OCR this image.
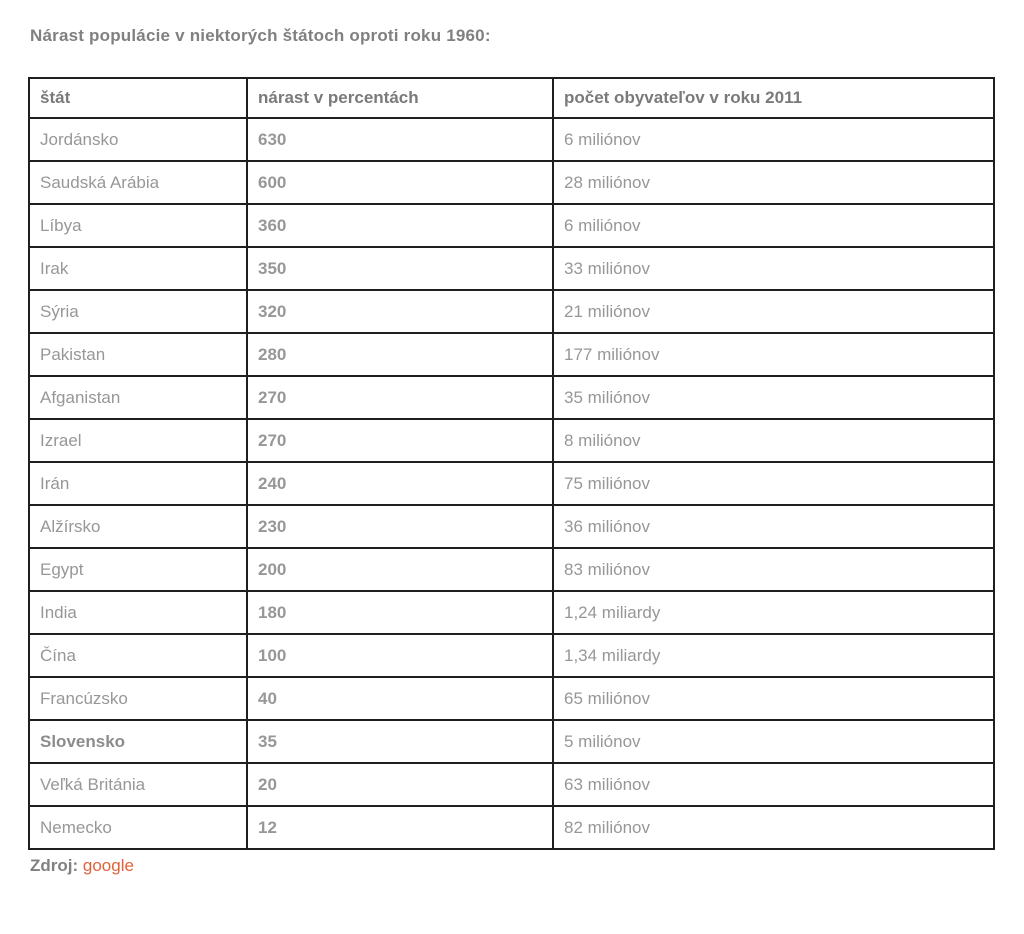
Nárast populácie v niektorých štátoch oproti roku 1960:
štát	nárast v percentách	počet obyvateľov v roku 2011
Jordánsko	630	6 miliónov
Saudská Arábia	600	28 miliónov
Líbya	360	6 miliónov
Irak	350	33 miliónov
Sýria	320	21 miliónov
Pakistan	280	177 miliónov
Afganistan	270	35 miliónov
Izrael	270	8 miliónov
Irán	240	75 miliónov
Alžírsko	230	36 miliónov
Egypt	200	83 miliónov
India	180	1,24 miliardy
Čína	100	1,34 miliardy
Francúzsko	40	65 miliónov
Slovensko	35	5 miliónov
Veľká Británia	20	63 miliónov
Nemecko	12	82 miliónov
Zdroj: google
